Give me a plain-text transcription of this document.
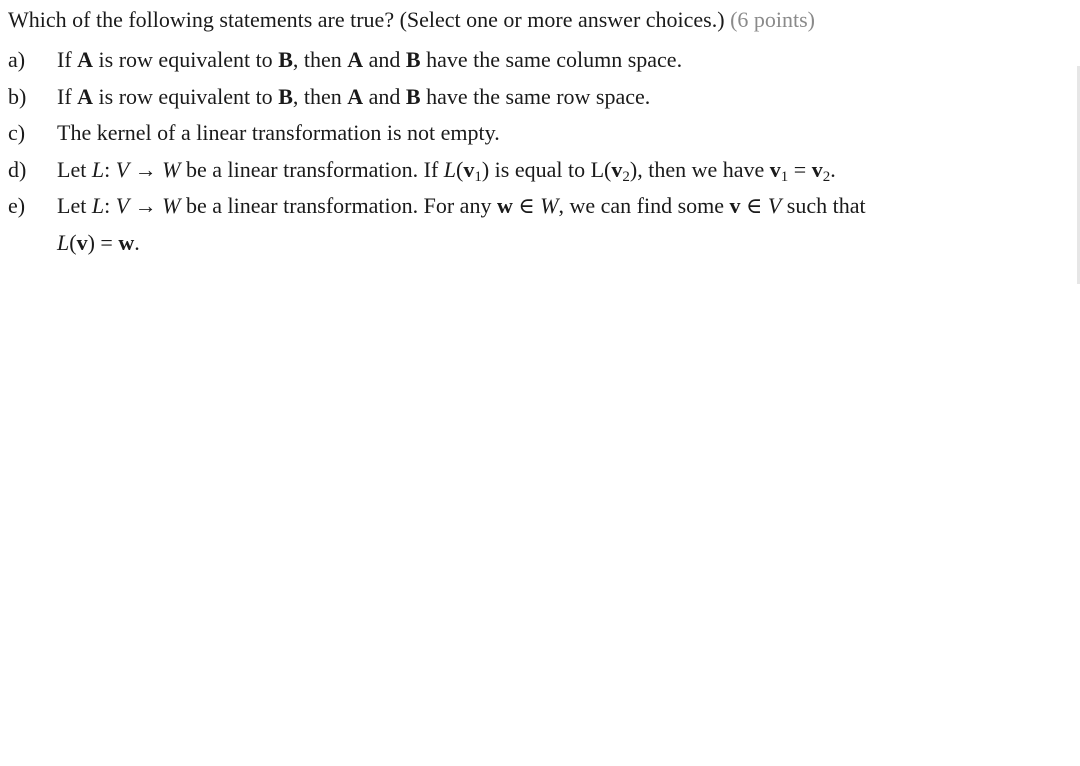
Which of the following statements are true? (Select one or more answer choices.) (6 points)
a)	If A is row equivalent to B, then A and B have the same column space.
b)	If A is row equivalent to B, then A and B have the same row space.
c)	The kernel of a linear transformation is not empty.
d)	Let L: V → W be a linear transformation. If $L(v_1)$ is equal to $L(v_2)$, then we have $v_1 = v_2$.
e)	Let L: V → W be a linear transformation. For any w ∈ W, we can find some v ∈ V such that
L(v) = w.
